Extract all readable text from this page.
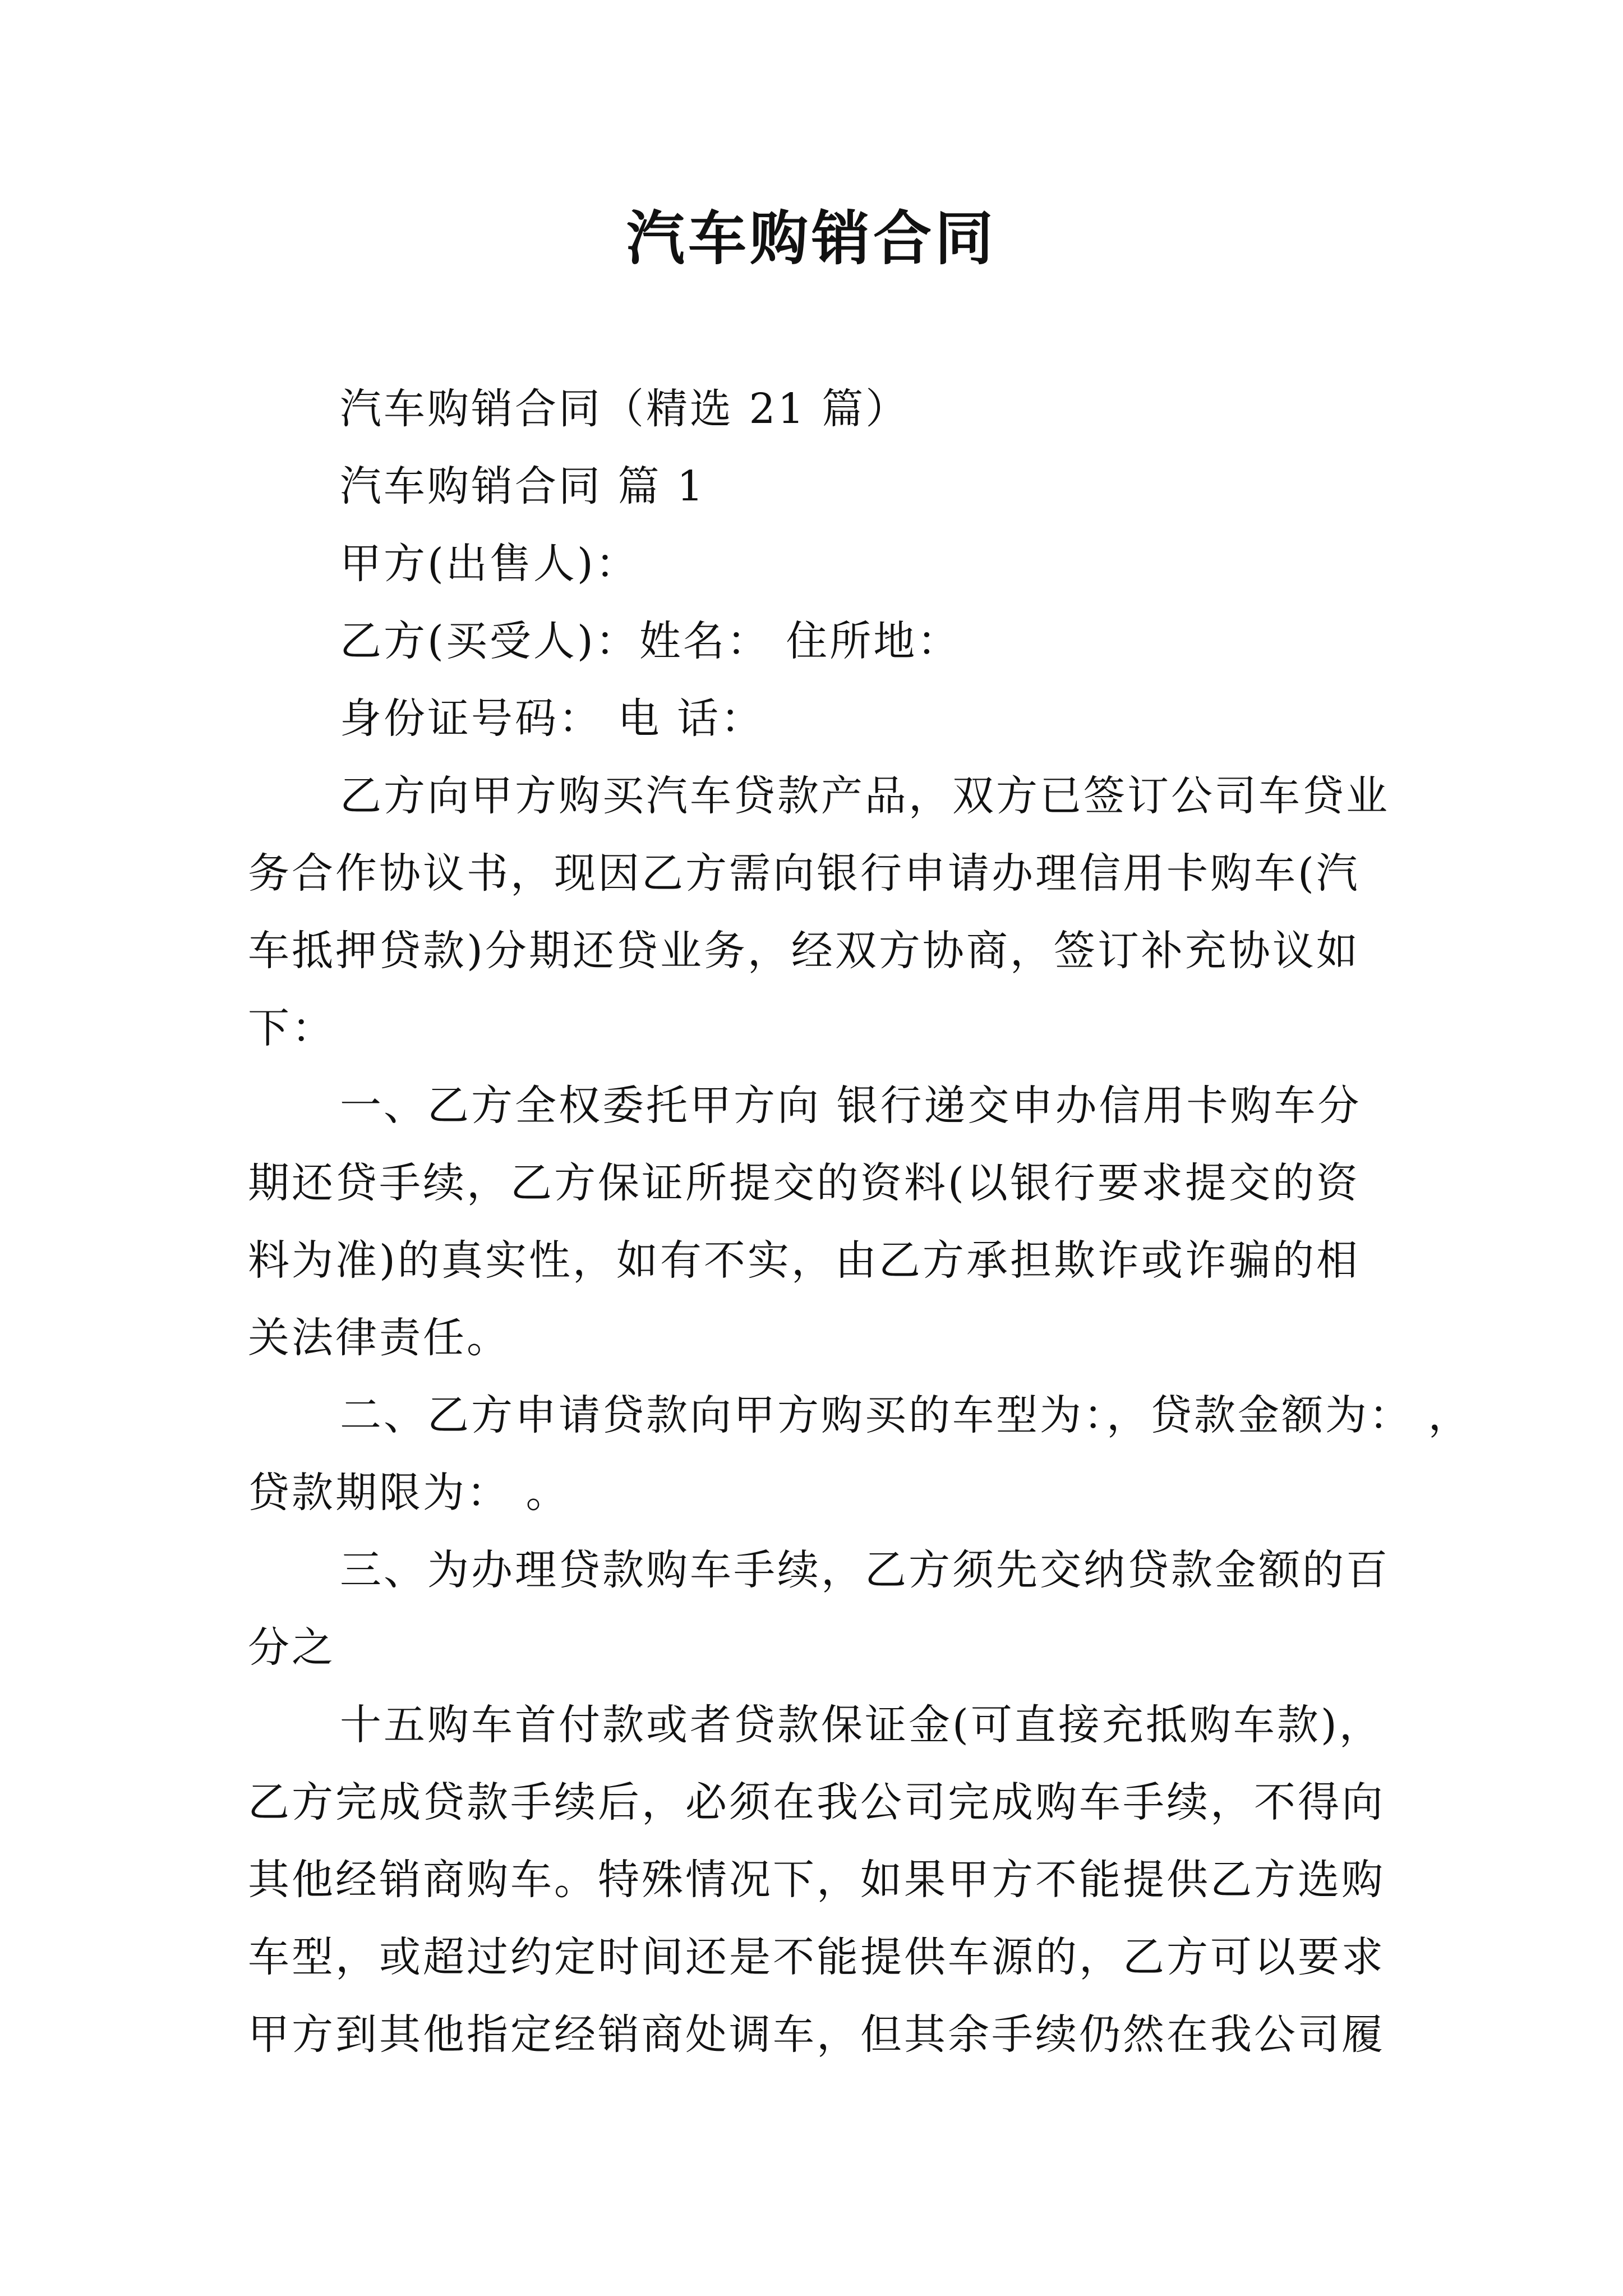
汽车购销合同

汽车购销合同（精选 21 篇）

汽车购销合同 篇 1

甲方(出售人)：

乙方(买受人)：姓名： 住所地：

身份证号码： 电 话：

乙方向甲方购买汽车贷款产品，双方已签订公司车贷业

务合作协议书，现因乙方需向银行申请办理信用卡购车(汽

车抵押贷款)分期还贷业务，经双方协商，签订补充协议如

下：

一、乙方全权委托甲方向 银行递交申办信用卡购车分

期还贷手续，乙方保证所提交的资料(以银行要求提交的资

料为准)的真实性，如有不实，由乙方承担欺诈或诈骗的相

关法律责任。

二、乙方申请贷款向甲方购买的车型为：，贷款金额为： ，

贷款期限为： 。

三、为办理贷款购车手续，乙方须先交纳贷款金额的百

分之

十五购车首付款或者贷款保证金(可直接充抵购车款)，

乙方完成贷款手续后，必须在我公司完成购车手续，不得向

其他经销商购车。特殊情况下，如果甲方不能提供乙方选购

车型，或超过约定时间还是不能提供车源的，乙方可以要求

甲方到其他指定经销商处调车，但其余手续仍然在我公司履
